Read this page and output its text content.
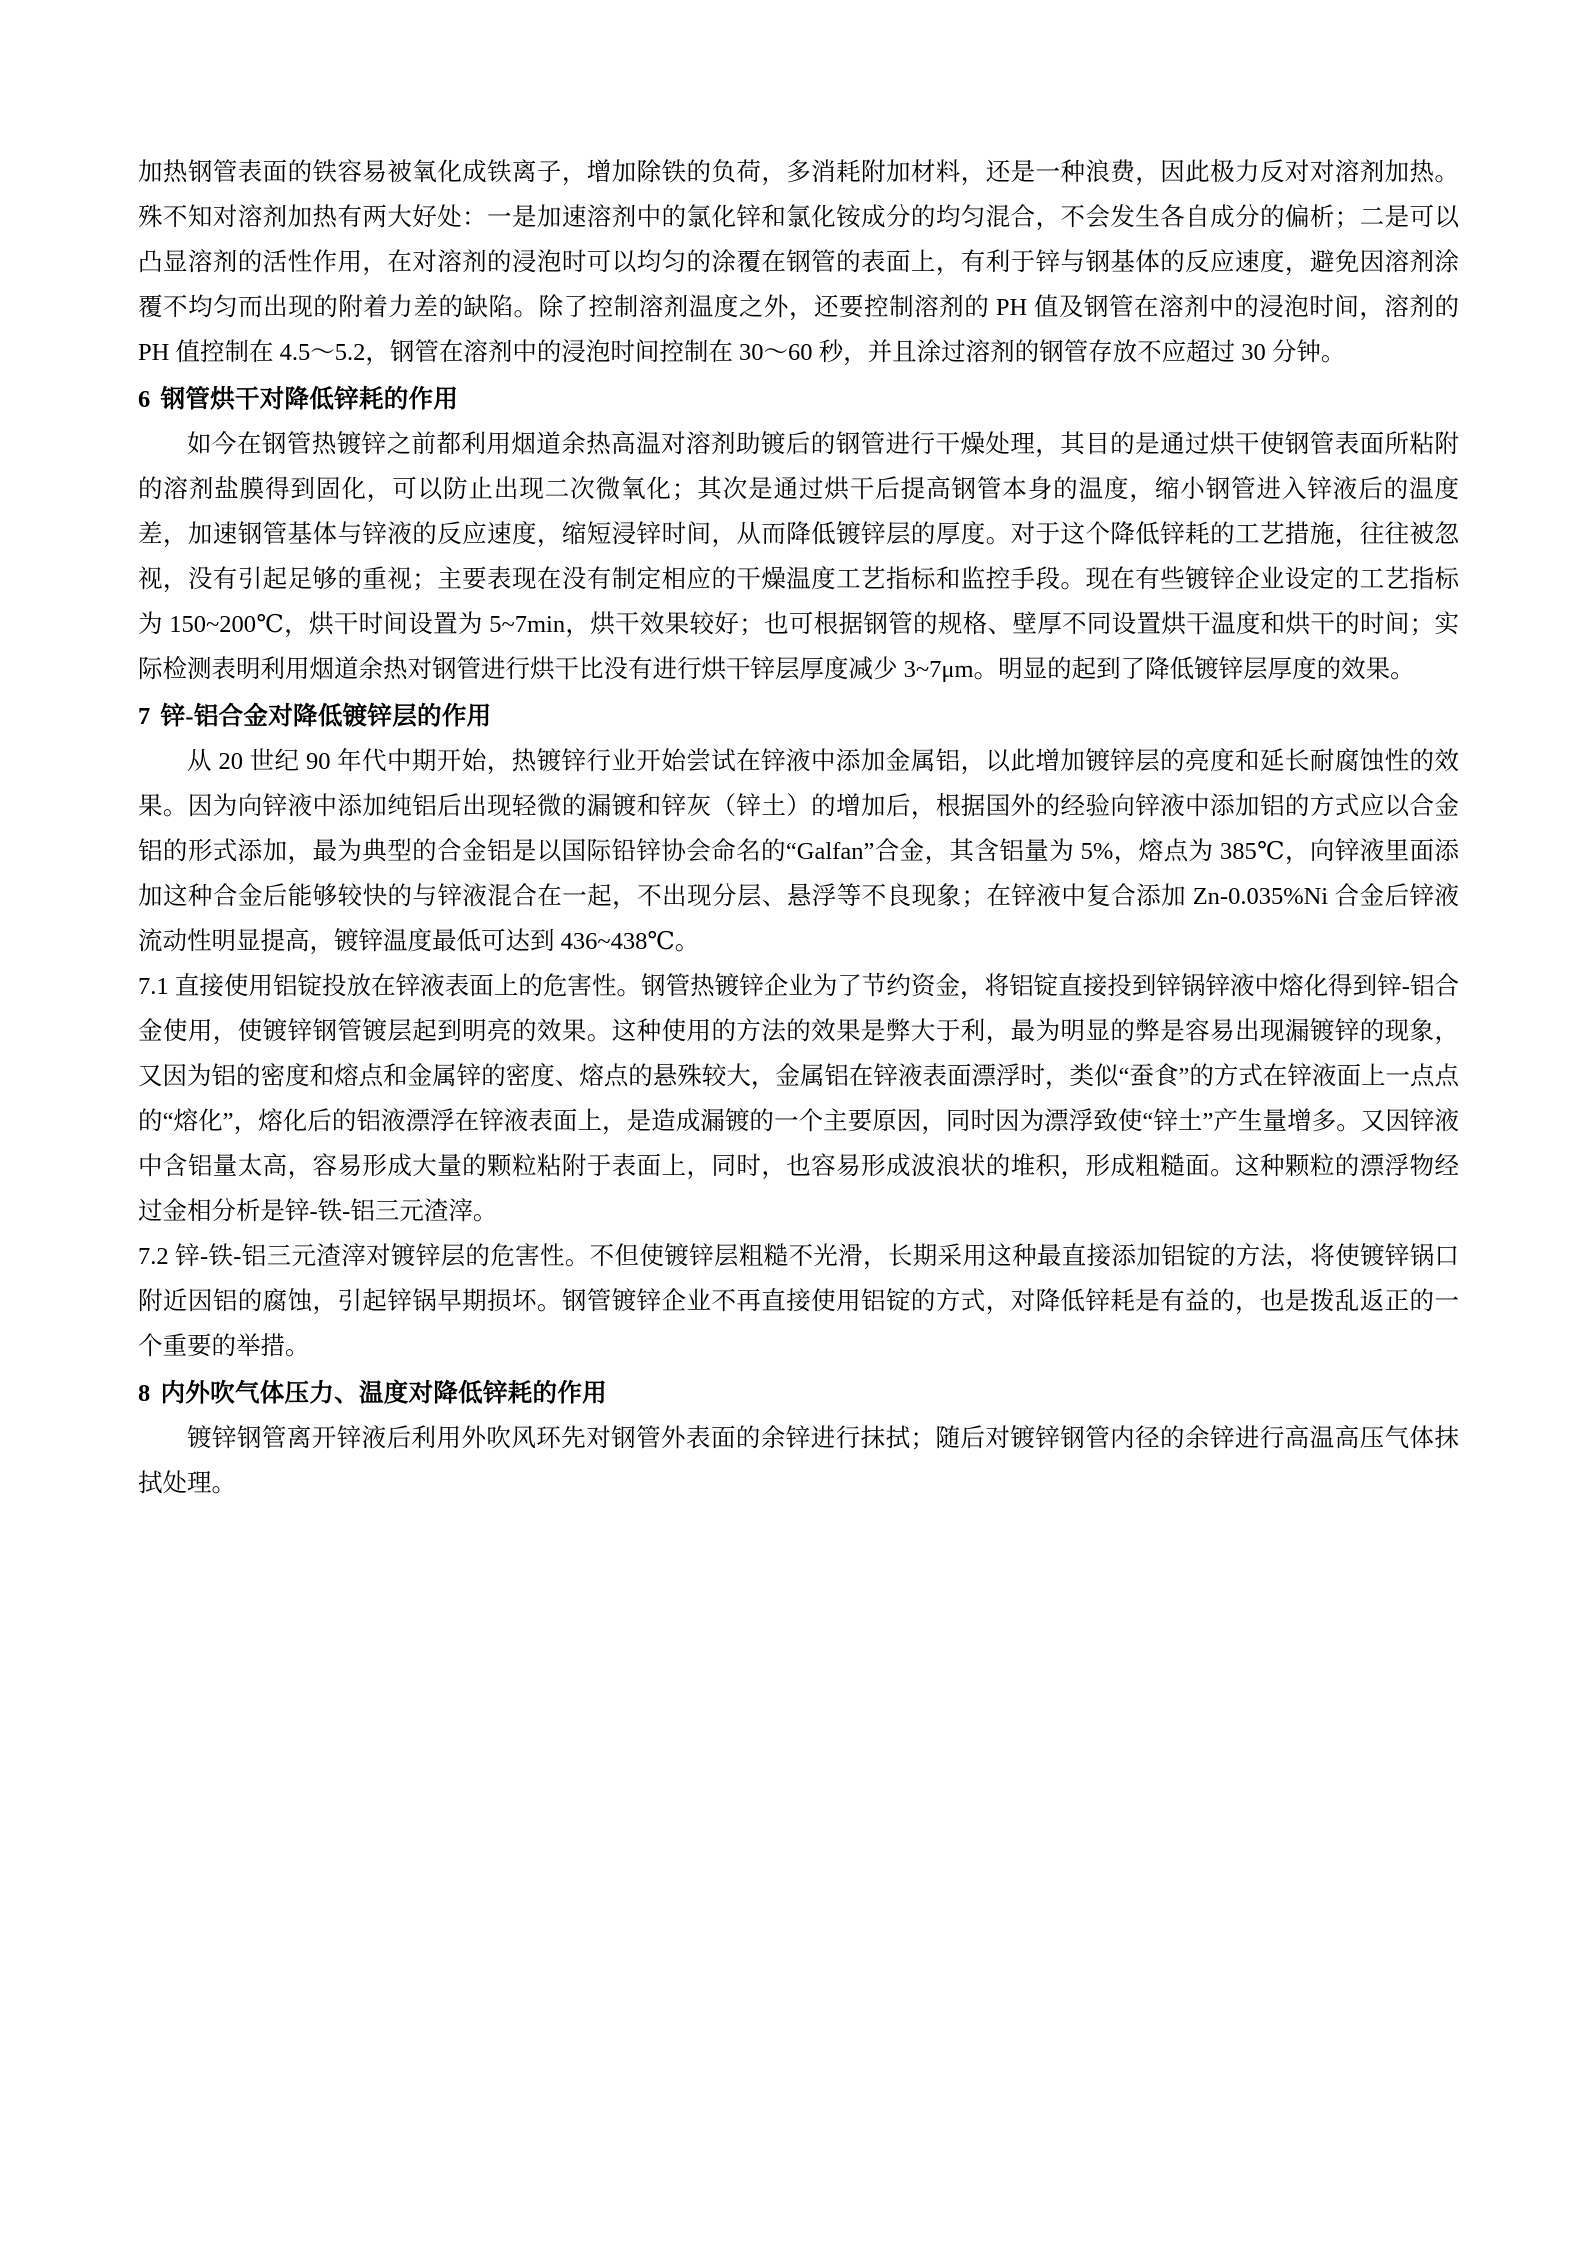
加热钢管表面的铁容易被氧化成铁离子，增加除铁的负荷，多消耗附加材料，还是一种浪费，因此极力反对对溶剂加热。殊不知对溶剂加热有两大好处：一是加速溶剂中的氯化锌和氯化铵成分的均匀混合，不会发生各自成分的偏析；二是可以凸显溶剂的活性作用，在对溶剂的浸泡时可以均匀的涂覆在钢管的表面上，有利于锌与钢基体的反应速度，避免因溶剂涂覆不均匀而出现的附着力差的缺陷。除了控制溶剂温度之外，还要控制溶剂的 PH 值及钢管在溶剂中的浸泡时间，溶剂的 PH 值控制在 4.5～5.2，钢管在溶剂中的浸泡时间控制在 30～60 秒，并且涂过溶剂的钢管存放不应超过 30 分钟。

6 钢管烘干对降低锌耗的作用

如今在钢管热镀锌之前都利用烟道余热高温对溶剂助镀后的钢管进行干燥处理，其目的是通过烘干使钢管表面所粘附的溶剂盐膜得到固化，可以防止出现二次微氧化；其次是通过烘干后提高钢管本身的温度，缩小钢管进入锌液后的温度差，加速钢管基体与锌液的反应速度，缩短浸锌时间，从而降低镀锌层的厚度。对于这个降低锌耗的工艺措施，往往被忽视，没有引起足够的重视；主要表现在没有制定相应的干燥温度工艺指标和监控手段。现在有些镀锌企业设定的工艺指标为 150~200℃，烘干时间设置为 5~7min，烘干效果较好；也可根据钢管的规格、壁厚不同设置烘干温度和烘干的时间；实际检测表明利用烟道余热对钢管进行烘干比没有进行烘干锌层厚度减少 3~7μm。明显的起到了降低镀锌层厚度的效果。

7 锌-铝合金对降低镀锌层的作用

从 20 世纪 90 年代中期开始，热镀锌行业开始尝试在锌液中添加金属铝，以此增加镀锌层的亮度和延长耐腐蚀性的效果。因为向锌液中添加纯铝后出现轻微的漏镀和锌灰（锌土）的增加后，根据国外的经验向锌液中添加铝的方式应以合金铝的形式添加，最为典型的合金铝是以国际铅锌协会命名的“Galfan”合金，其含铝量为 5%，熔点为 385℃，向锌液里面添加这种合金后能够较快的与锌液混合在一起，不出现分层、悬浮等不良现象；在锌液中复合添加 Zn-0.035%Ni 合金后锌液流动性明显提高，镀锌温度最低可达到 436~438℃。

7.1 直接使用铝锭投放在锌液表面上的危害性。钢管热镀锌企业为了节约资金，将铝锭直接投到锌锅锌液中熔化得到锌-铝合金使用，使镀锌钢管镀层起到明亮的效果。这种使用的方法的效果是弊大于利，最为明显的弊是容易出现漏镀锌的现象，又因为铝的密度和熔点和金属锌的密度、熔点的悬殊较大，金属铝在锌液表面漂浮时，类似“蚕食”的方式在锌液面上一点点的“熔化”，熔化后的铝液漂浮在锌液表面上，是造成漏镀的一个主要原因，同时因为漂浮致使“锌土”产生量增多。又因锌液中含铝量太高，容易形成大量的颗粒粘附于表面上，同时，也容易形成波浪状的堆积，形成粗糙面。这种颗粒的漂浮物经过金相分析是锌-铁-铝三元渣滓。

7.2 锌-铁-铝三元渣滓对镀锌层的危害性。不但使镀锌层粗糙不光滑，长期采用这种最直接添加铝锭的方法，将使镀锌锅口附近因铝的腐蚀，引起锌锅早期损坏。钢管镀锌企业不再直接使用铝锭的方式，对降低锌耗是有益的，也是拨乱返正的一个重要的举措。

8 内外吹气体压力、温度对降低锌耗的作用

镀锌钢管离开锌液后利用外吹风环先对钢管外表面的余锌进行抹拭；随后对镀锌钢管内径的余锌进行高温高压气体抹拭处理。
